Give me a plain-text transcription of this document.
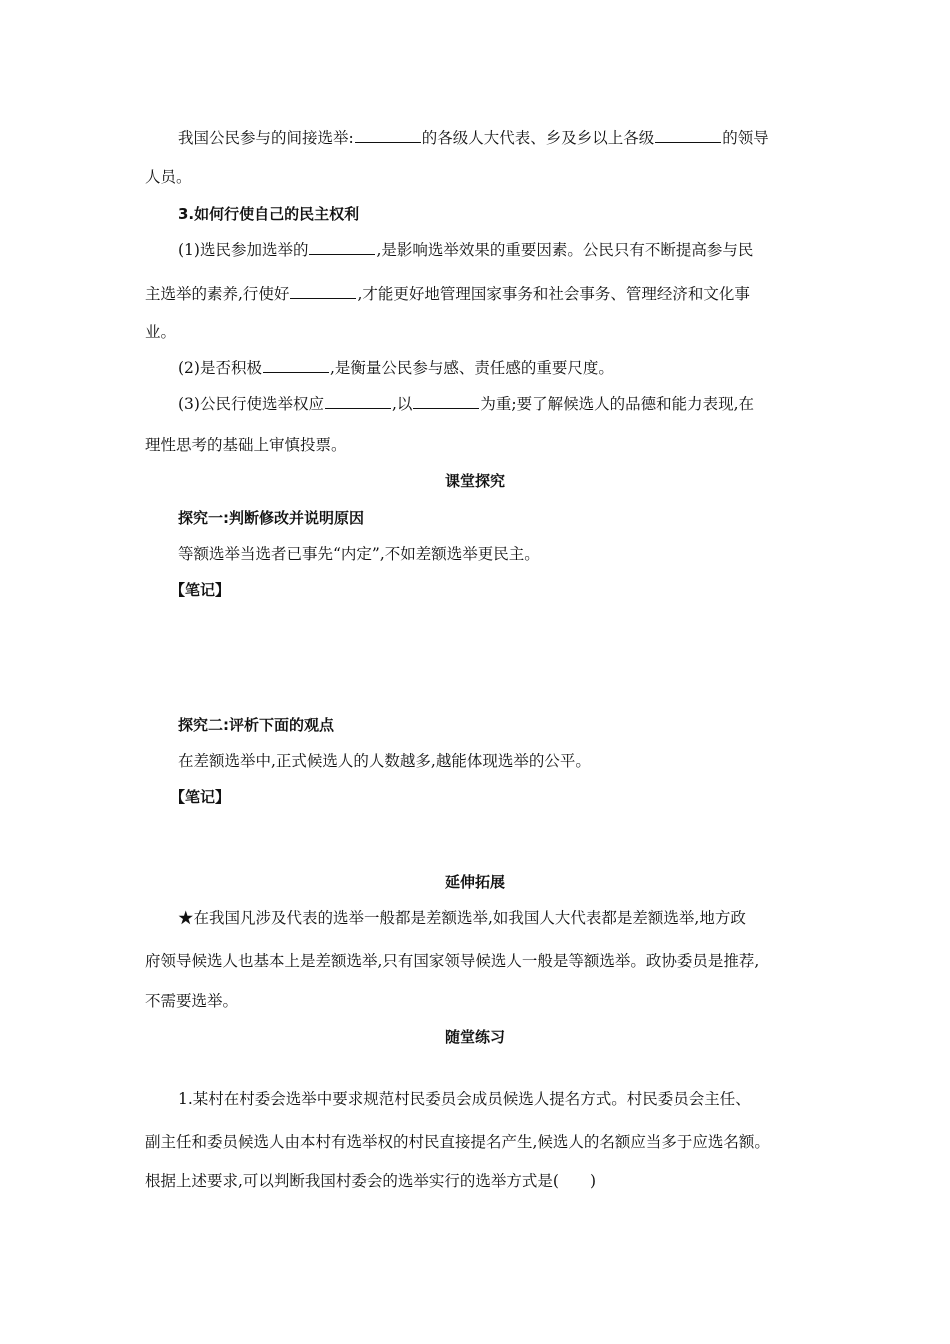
我国公民参与的间接选举:	的各级人大代表、乡及乡以上各级	的领导
人员。
3.如何行使自己的民主权利
(1)选民参加选举的	,是影响选举效果的重要因素。公民只有不断提高参与民
主选举的素养,行使好	,才能更好地管理国家事务和社会事务、管理经济和文化事
业。
(2)是否积极	,是衡量公民参与感、责任感的重要尺度。
(3)公民行使选举权应	,以	为重;要了解候选人的品德和能力表现,在
理性思考的基础上审慎投票。
课堂探究
探究一:判断修改并说明原因
等额选举当选者已事先“内定”,不如差额选举更民主。
【笔记】
探究二:评析下面的观点
在差额选举中,正式候选人的人数越多,越能体现选举的公平。
【笔记】
延伸拓展
★在我国凡涉及代表的选举一般都是差额选举,如我国人大代表都是差额选举,地方政
府领导候选人也基本上是差额选举,只有国家领导候选人一般是等额选举。政协委员是推荐,
不需要选举。
随堂练习
1.某村在村委会选举中要求规范村民委员会成员候选人提名方式。村民委员会主任、
副主任和委员候选人由本村有选举权的村民直接提名产生,候选人的名额应当多于应选名额。
根据上述要求,可以判断我国村委会的选举实行的选举方式是(　　)
